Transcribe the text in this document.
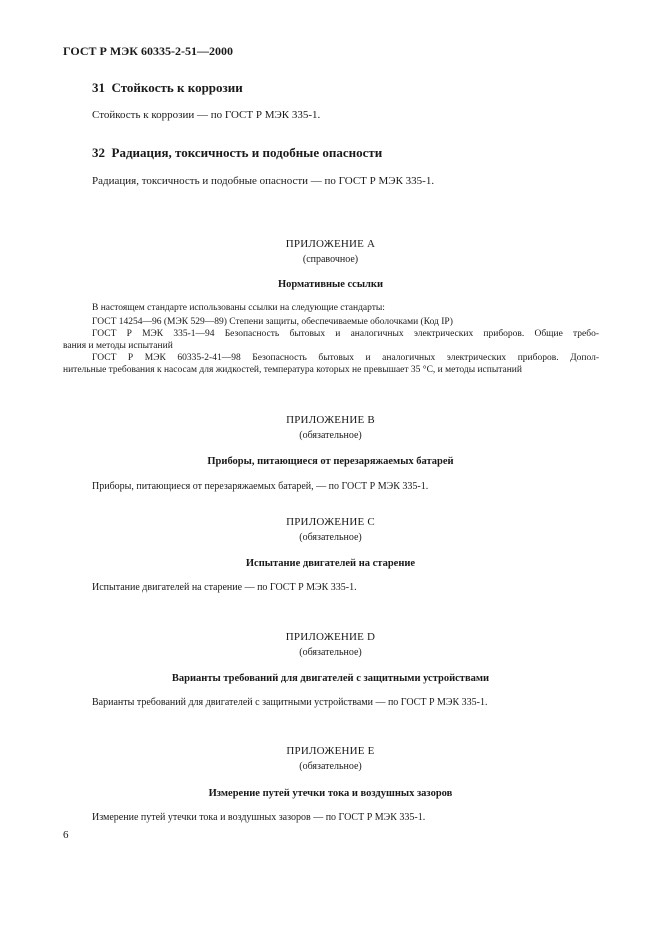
ГОСТ Р МЭК 60335-2-51—2000
31 Стойкость к коррозии
Стойкость к коррозии — по ГОСТ Р МЭК 335-1.
32 Радиация, токсичность и подобные опасности
Радиация, токсичность и подобные опасности — по ГОСТ Р МЭК 335-1.
ПРИЛОЖЕНИЕ А
(справочное)
Нормативные ссылки
В настоящем стандарте использованы ссылки на следующие стандарты:
ГОСТ 14254—96 (МЭК 529—89) Степени защиты, обеспечиваемые оболочками (Код IP)
ГОСТ Р МЭК 335-1—94 Безопасность бытовых и аналогичных электрических приборов. Общие требо-
вания и методы испытаний
ГОСТ Р МЭК 60335-2-41—98 Безопасность бытовых и аналогичных электрических приборов. Допол-
нительные требования к насосам для жидкостей, температура которых не превышает 35 °С, и методы испытаний
ПРИЛОЖЕНИЕ В
(обязательное)
Приборы, питающиеся от перезаряжаемых батарей
Приборы, питающиеся от перезаряжаемых батарей, — по ГОСТ Р МЭК 335-1.
ПРИЛОЖЕНИЕ С
(обязательное)
Испытание двигателей на старение
Испытание двигателей на старение — по ГОСТ Р МЭК 335-1.
ПРИЛОЖЕНИЕ D
(обязательное)
Варианты требований для двигателей с защитными устройствами
Варианты требований для двигателей с защитными устройствами — по ГОСТ Р МЭК 335-1.
ПРИЛОЖЕНИЕ Е
(обязательное)
Измерение путей утечки тока и воздушных зазоров
Измерение путей утечки тока и воздушных зазоров — по ГОСТ Р МЭК 335-1.
6
